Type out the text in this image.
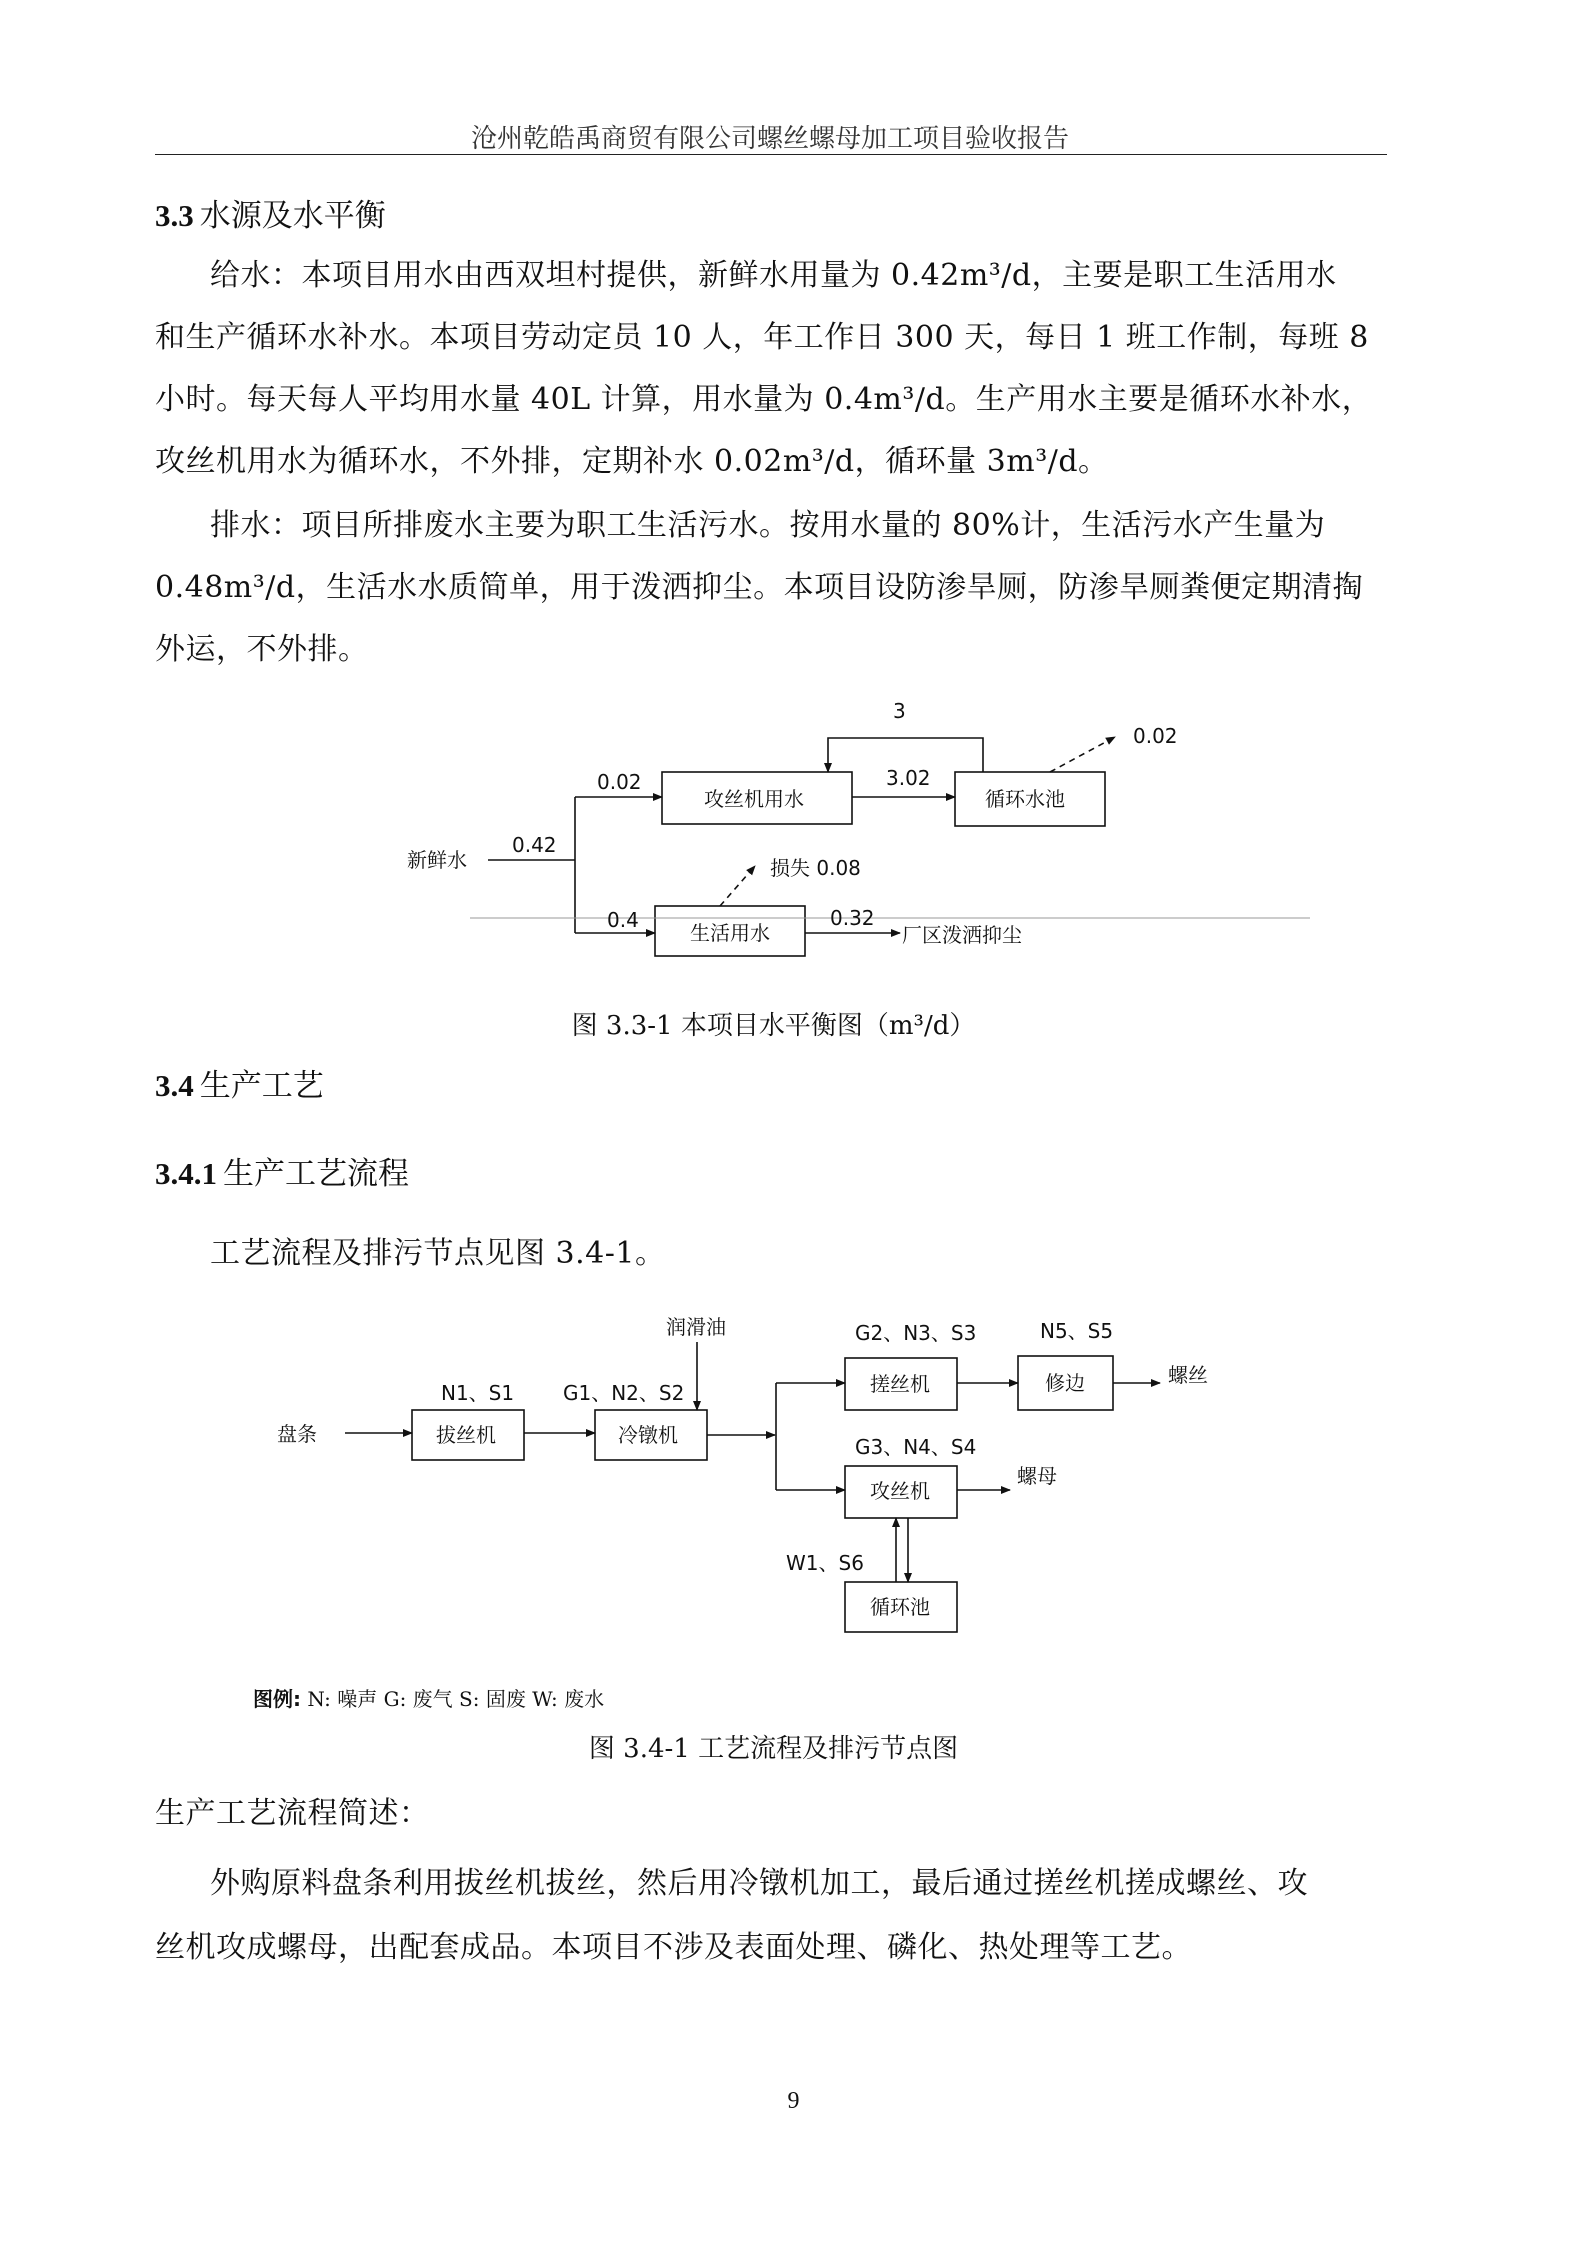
沧州乾皓禹商贸有限公司螺丝螺母加工项目验收报告
3.3 水源及水平衡
给水：本项目用水由西双坦村提供，新鲜水用量为 0.42m³/d，主要是职工生活用水
和生产循环水补水。本项目劳动定员 10 人，年工作日 300 天，每日 1 班工作制，每班 8
小时。每天每人平均用水量 40L 计算，用水量为 0.4m³/d。生产用水主要是循环水补水，
攻丝机用水为循环水，不外排，定期补水 0.02m³/d，循环量 3m³/d。
排水：项目所排废水主要为职工生活污水。按用水量的 80%计，生活污水产生量为
0.48m³/d，生活水水质简单，用于泼洒抑尘。本项目设防渗旱厕，防渗旱厕粪便定期清掏
外运，不外排。
新鲜水
0.42
0.02
攻丝机用水
3.02
循环水池
3
0.02
0.4
生活用水
损失 0.08
0.32
厂区泼洒抑尘
图 3.3-1 本项目水平衡图（m³/d）
3.4 生产工艺
3.4.1 生产工艺流程
工艺流程及排污节点见图 3.4-1。
盘条
N1、S1
拔丝机
G1、N2、S2
冷镦机
润滑油	G2、N3、S3
搓丝机
N5、S5
修边	螺丝
G3、N4、S4
攻丝机
螺母
W1、S6
循环池
图例: N: 噪声 G: 废气 S: 固废 W: 废水
图 3.4-1 工艺流程及排污节点图
生产工艺流程简述：
外购原料盘条利用拔丝机拔丝，然后用冷镦机加工，最后通过搓丝机搓成螺丝、攻
丝机攻成螺母，出配套成品。本项目不涉及表面处理、磷化、热处理等工艺。
9
